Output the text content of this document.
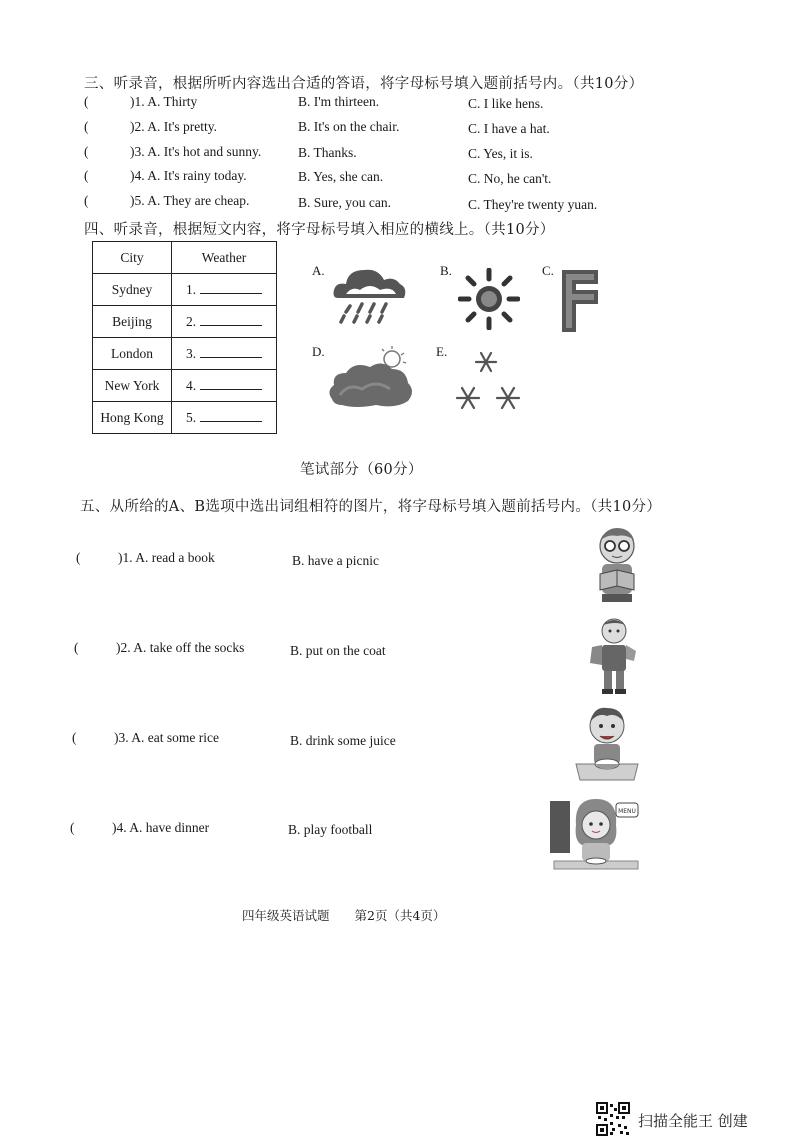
三、听录音，根据所听内容选出合适的答语，将字母标号填入题前括号内。（共10分）
(	)1. A. Thirty	B. I'm thirteen.	C. I like hens.
(	)2. A. It's pretty.	B. It's on the chair.	C. I have a hat.
(	)3. A. It's hot and sunny.	B. Thanks.	C. Yes, it is.
(	)4. A. It's rainy today.	B. Yes, she can.	C. No, he can't.
(	)5. A. They are cheap.	B. Sure, you can.	C. They're twenty yuan.
四、听录音，根据短文内容，将字母标号填入相应的横线上。（共10分）
City	Weather
Sydney	1.
Beijing	2.
London	3.
New York	4.
Hong Kong	5.
A.	B.	C.
D.	E.
笔试部分（60分）
五、从所给的A、B选项中选出词组相符的图片，将字母标号填入题前括号内。（共10分）
(	)1. A. read a book	B. have a picnic
(	)2. A. take off the socks	B. put on the coat
(	)3. A. eat some rice	B. drink some juice
(	)4. A. have dinner	B. play football
MENU
四年级英语试题　　第2页（共4页）
扫描全能王 创建
